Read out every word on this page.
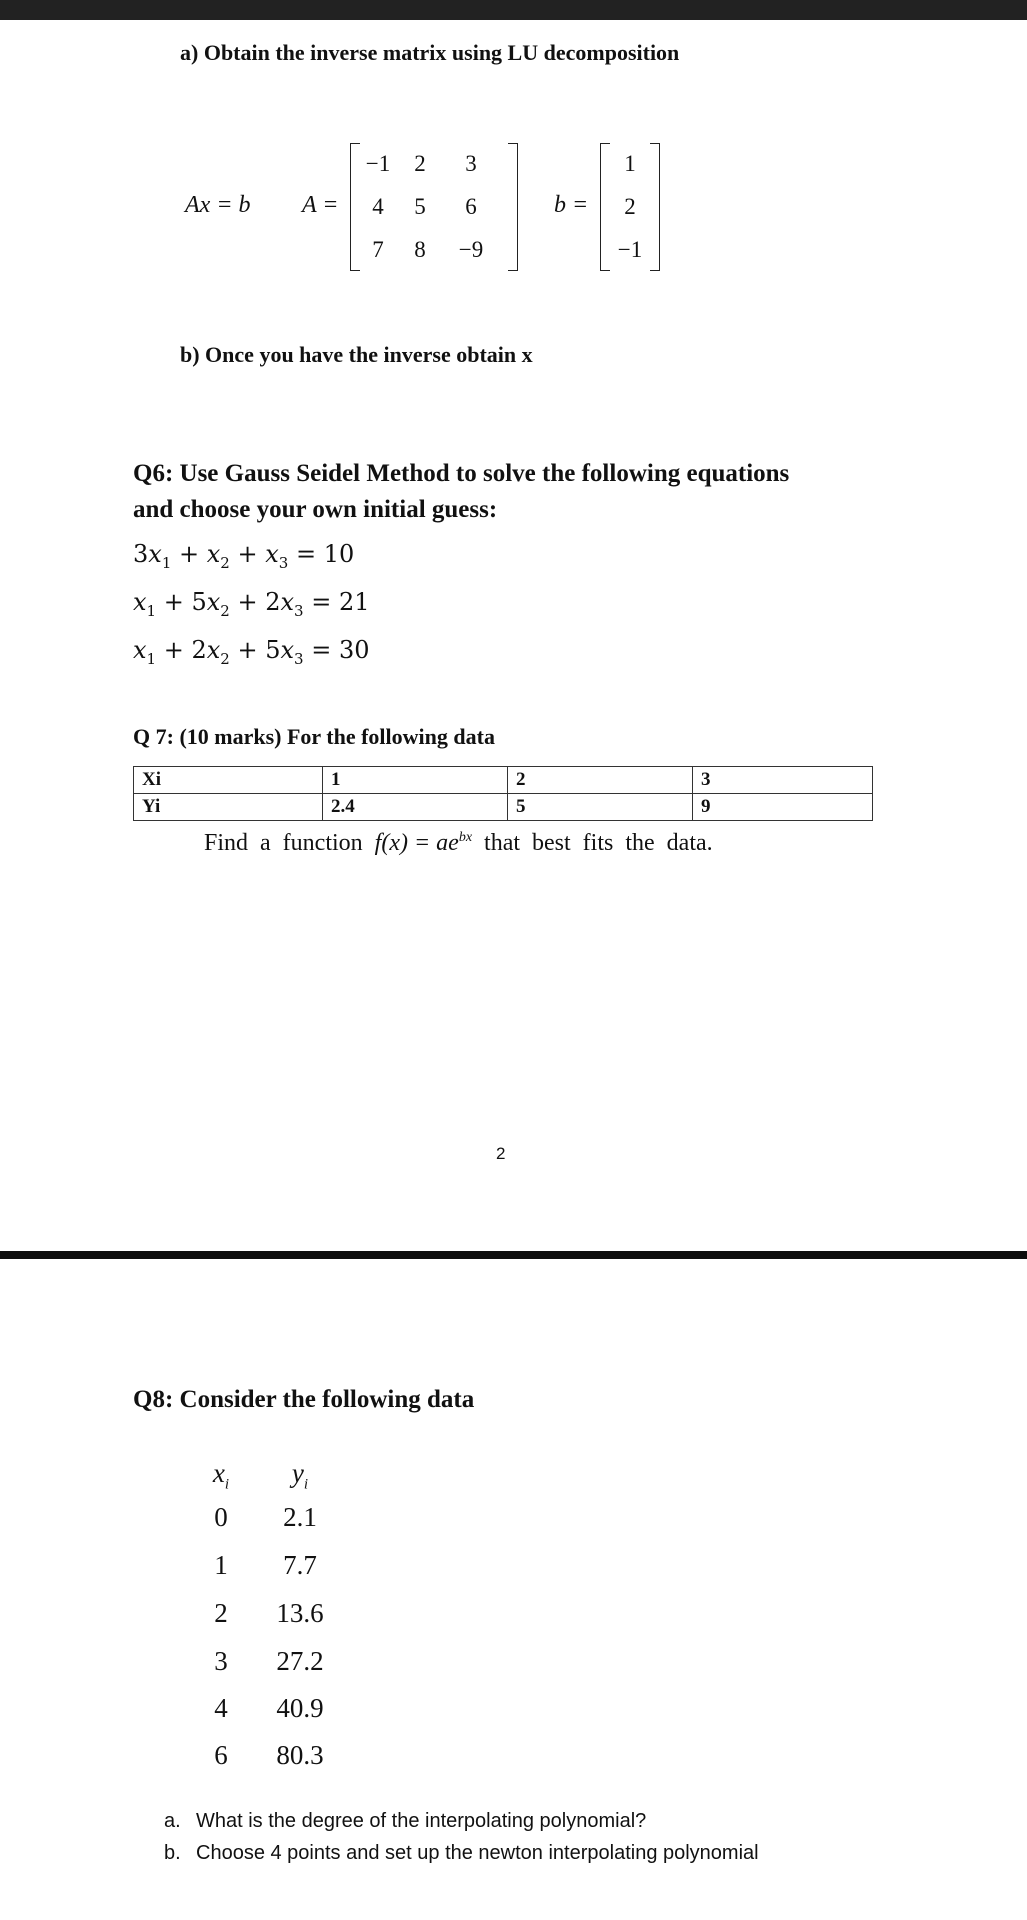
a) Obtain the inverse matrix using LU decomposition
Ax = b A =
−1	2	3
4	5	6
7	8	−9
b =
1
2
−1
b) Once you have the inverse obtain x
Q6: Use Gauss Seidel Method to solve the following equations
and choose your own initial guess:
$3x_1 + x_2 + x_3 = 10$
$x_1 + 5x_2 + 2x_3 = 21$
$x_1 + 2x_2 + 5x_3 = 30$
Q 7: (10 marks) For the following data
Xi	1	2	3
Yi	2.4	5	9
Find  a  function  $f(x) = ae^{bx}$  that  best  fits  the  data.
2
Q8: Consider the following data
$x_i$	$y_i$
0	2.1
1	7.7
2	13.6
3	27.2
4	40.9
6	80.3
a. What is the degree of the interpolating polynomial?
b. Choose 4 points and set up the newton interpolating polynomial
